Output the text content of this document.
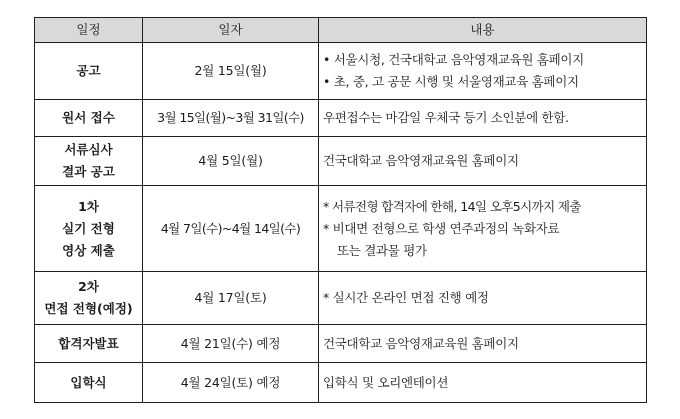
일정	일자	내용

공고	2월 15일(월)	• 서울시청, 건국대학교 음악영재교육원 홈페이지
• 초, 중, 고 공문 시행 및 서울영재교육 홈페이지

원서 접수	3월 15일(월)~3월 31일(수)	우편접수는 마감일 우체국 등기 소인분에 한함.

서류심사
결과 공고	4월 5일(월)	건국대학교 음악영재교육원 홈페이지

1차
실기 전형
영상 제출	4월 7일(수)~4월 14일(수)	* 서류전형 합격자에 한해, 14일 오후5시까지 제출
* 비대면 전형으로 학생 연주과정의 녹화자료
또는 결과물 평가

2차
면접 전형(예정)	4월 17일(토)	* 실시간 온라인 면접 진행 예정

합격자발표	4월 21일(수) 예정	건국대학교 음악영재교육원 홈페이지

입학식	4월 24일(토) 예정	입학식 및 오리엔테이션
